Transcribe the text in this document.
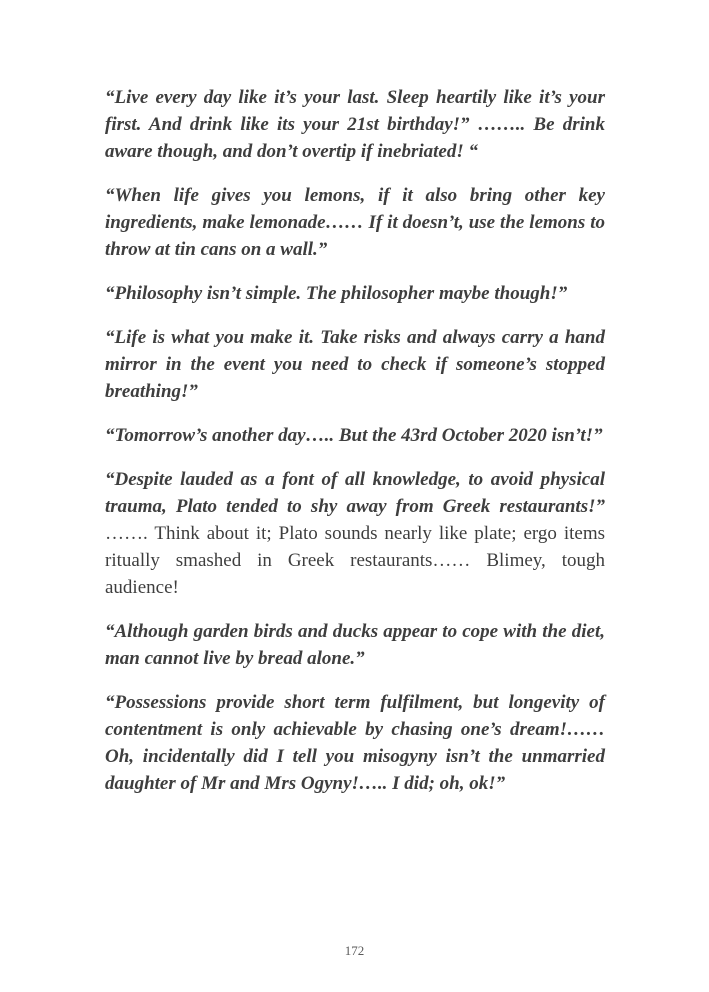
“Live every day like it’s your last. Sleep heartily like it’s your first. And drink like its your 21st birthday!” …….. Be drink aware though, and don’t overtip if inebriated! “

“When life gives you lemons, if it also bring other key ingredients, make lemonade…… If it doesn’t, use the lemons to throw at tin cans on a wall.”

“Philosophy isn’t simple. The philosopher maybe though!”

“Life is what you make it. Take risks and always carry a hand mirror in the event you need to check if someone’s stopped breathing!”

“Tomorrow’s another day….. But the 43rd October 2020 isn’t!”

“Despite lauded as a font of all knowledge, to avoid physical trauma, Plato tended to shy away from Greek restaurants!” ……. Think about it; Plato sounds nearly like plate; ergo items ritually smashed in Greek restaurants…… Blimey, tough audience!

“Although garden birds and ducks appear to cope with the diet, man cannot live by bread alone.”

“Possessions provide short term fulfilment, but longevity of contentment is only achievable by chasing one’s dream!…… Oh, incidentally did I tell you misogyny isn’t the unmarried daughter of Mr and Mrs Ogyny!….. I did; oh, ok!”

172
